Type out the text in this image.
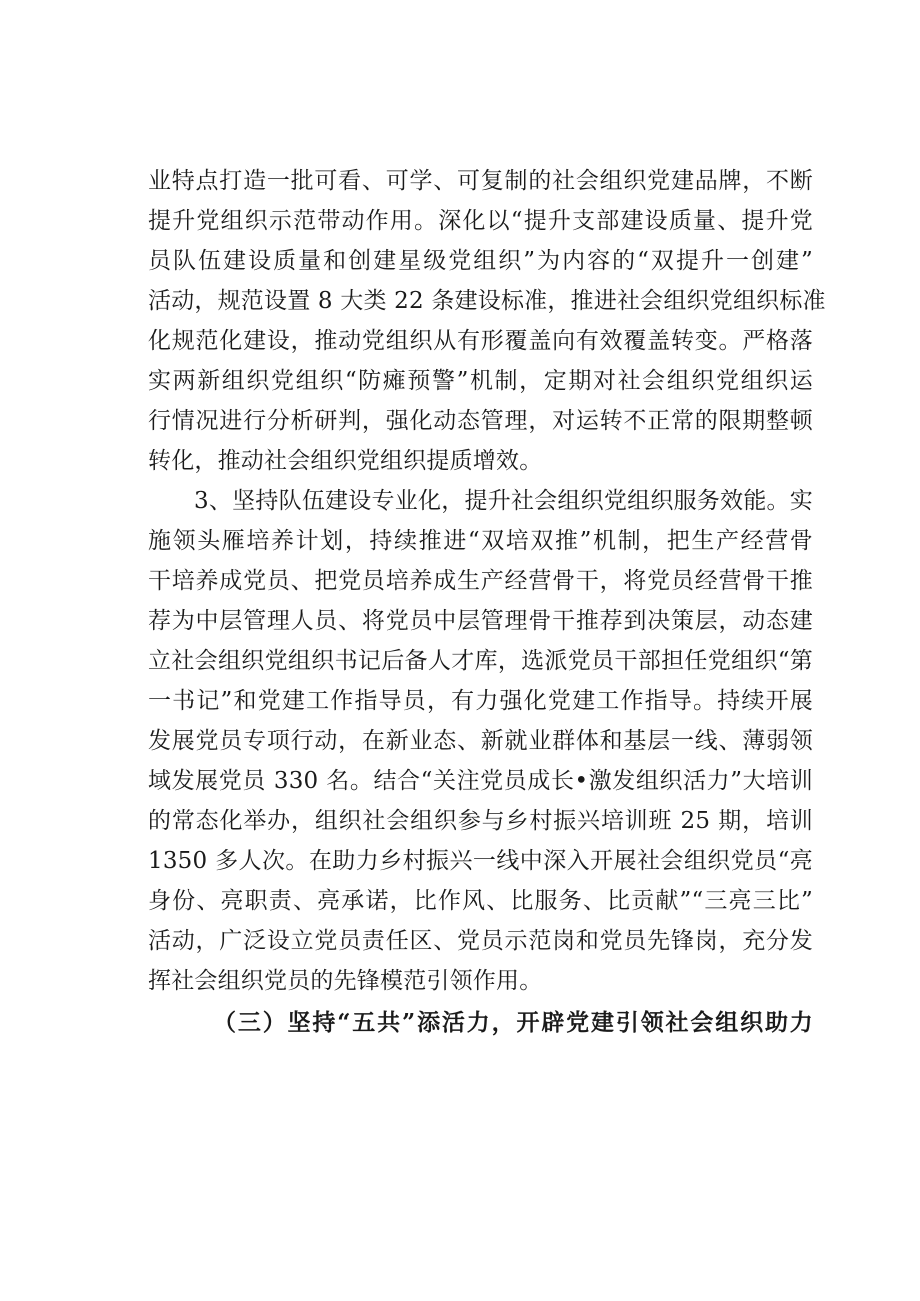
业特点打造一批可看、可学、可复制的社会组织党建品牌，不断
提升党组织示范带动作用。深化以“提升支部建设质量、提升党
员队伍建设质量和创建星级党组织”为内容的“双提升一创建”
活动，规范设置 8 大类 22 条建设标准，推进社会组织党组织标准
化规范化建设，推动党组织从有形覆盖向有效覆盖转变。严格落
实两新组织党组织“防瘫预警”机制，定期对社会组织党组织运
行情况进行分析研判，强化动态管理，对运转不正常的限期整顿
转化，推动社会组织党组织提质增效。
3、坚持队伍建设专业化，提升社会组织党组织服务效能。实
施领头雁培养计划，持续推进“双培双推”机制，把生产经营骨
干培养成党员、把党员培养成生产经营骨干，将党员经营骨干推
荐为中层管理人员、将党员中层管理骨干推荐到决策层，动态建
立社会组织党组织书记后备人才库，选派党员干部担任党组织“第
一书记”和党建工作指导员，有力强化党建工作指导。持续开展
发展党员专项行动，在新业态、新就业群体和基层一线、薄弱领
域发展党员 330 名。结合“关注党员成长•激发组织活力”大培训
的常态化举办，组织社会组织参与乡村振兴培训班 25 期，培训
1350 多人次。在助力乡村振兴一线中深入开展社会组织党员“亮
身份、亮职责、亮承诺，比作风、比服务、比贡献”“三亮三比”
活动，广泛设立党员责任区、党员示范岗和党员先锋岗，充分发
挥社会组织党员的先锋模范引领作用。
（三）坚持“五共”添活力，开辟党建引领社会组织助力
